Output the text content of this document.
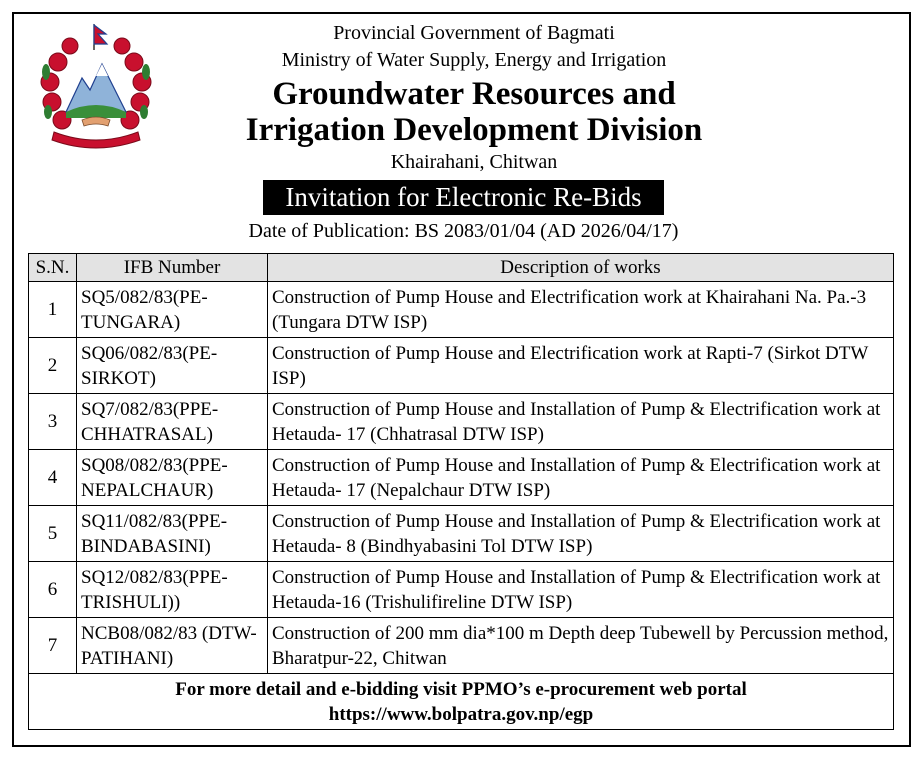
Provincial Government of Bagmati
Ministry of Water Supply, Energy and Irrigation
Groundwater Resources and
Irrigation Development Division
Khairahani, Chitwan
Invitation for Electronic Re-Bids
Date of Publication: BS 2083/01/04 (AD 2026/04/17)
S.N.	IFB Number	Description of works
1	SQ5/082/83(PE-TUNGARA)	Construction of Pump House and Electrification work at Khairahani Na. Pa.-3 (Tungara DTW ISP)
2	SQ06/082/83(PE-SIRKOT)	Construction of Pump House and Electrification work at Rapti-7 (Sirkot DTW ISP)
3	SQ7/082/83(PPE-CHHATRASAL)	Construction of Pump House and Installation of Pump & Electrification work at Hetauda- 17 (Chhatrasal DTW ISP)
4	SQ08/082/83(PPE-NEPALCHAUR)	Construction of Pump House and Installation of Pump & Electrification work at Hetauda- 17 (Nepalchaur DTW ISP)
5	SQ11/082/83(PPE-BINDABASINI)	Construction of Pump House and Installation of Pump & Electrification work at Hetauda- 8 (Bindhyabasini Tol DTW ISP)
6	SQ12/082/83(PPE-TRISHULI))	Construction of Pump House and Installation of Pump & Electrification work at Hetauda-16 (Trishulifireline DTW ISP)
7	NCB08/082/83 (DTW-PATIHANI)	Construction of 200 mm dia*100 m Depth deep Tubewell by Percussion method, Bharatpur-22, Chitwan

For more detail and e-bidding visit PPMO’s e-procurement web portal
https://www.bolpatra.gov.np/egp		
